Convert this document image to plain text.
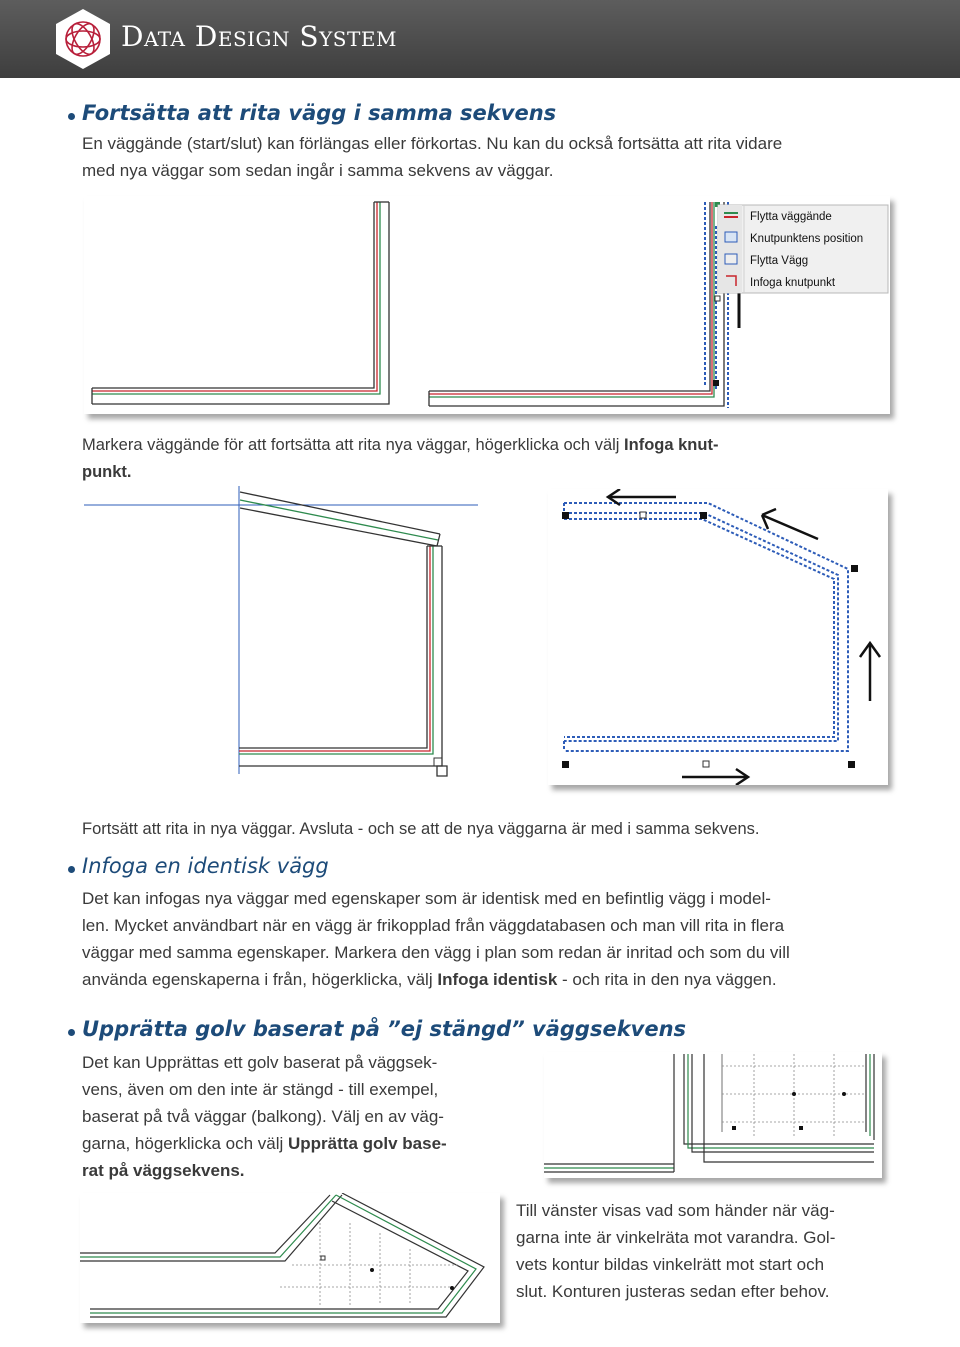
Data Design System
Fortsätta att rita vägg i samma sekvens
En väggände (start/slut) kan förlängas eller förkortas. Nu kan du också fortsätta att rita vidare
med nya väggar som sedan ingår i samma sekvens av väggar.
Flytta väggände
Knutpunktens position
Flytta Vägg
Infoga knutpunkt
Markera väggände för att fortsätta att rita nya väggar, högerklicka och välj Infoga knut-
punkt.
Fortsätt att rita in nya väggar. Avsluta - och se att de nya väggarna är med i samma sekvens.
Infoga en identisk vägg
Det kan infogas nya väggar med egenskaper som är identisk med en befintlig vägg i model-
len. Mycket användbart när en vägg är frikopplad från väggdatabasen och man vill rita in flera
väggar med samma egenskaper. Markera den vägg i plan som redan är inritad och som du vill
använda egenskaperna i från, högerklicka, välj Infoga identisk - och rita in den nya väggen.
Upprätta golv baserat på ”ej stängd” väggsekvens
Det kan Upprättas ett golv baserat på väggsek-
vens, även om den inte är stängd - till exempel,
baserat på två väggar (balkong). Välj en av väg-
garna, högerklicka och välj Upprätta golv base-
rat på väggsekvens.
Till vänster visas vad som händer när väg-
garna inte är vinkelräta mot varandra. Gol-
vets kontur bildas vinkelrätt mot start och
slut. Konturen justeras sedan efter behov.
